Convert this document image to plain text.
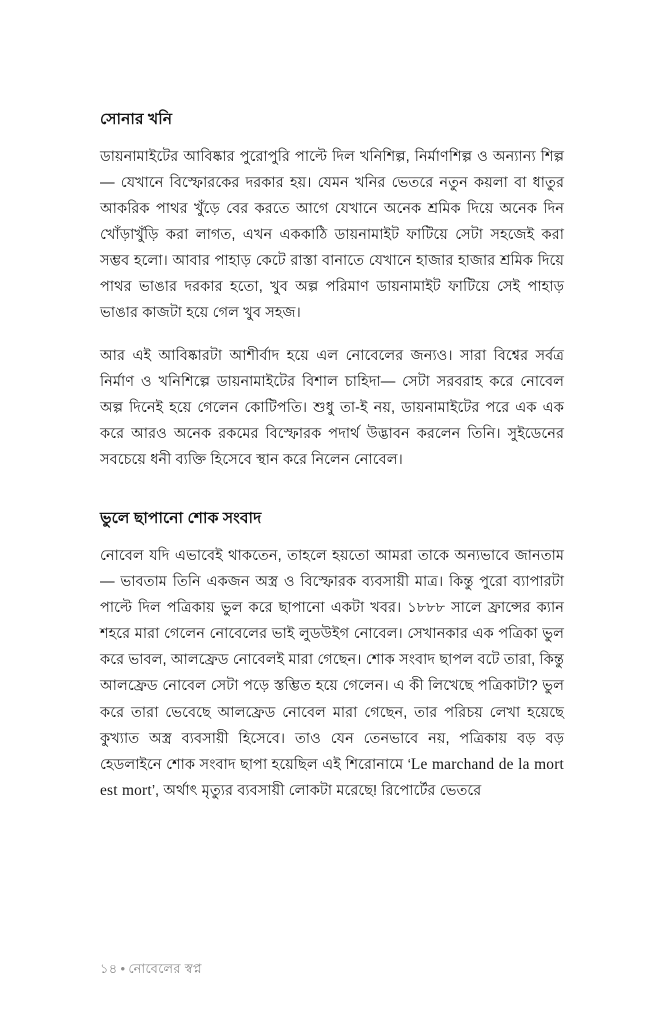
সোনার খনি

ডায়নামাইটের আবিষ্কার পুরোপুরি পাল্টে দিল খনিশিল্প, নির্মাণশিল্প ও অন্যান্য শিল্প— যেখানে বিস্ফোরকের দরকার হয়। যেমন খনির ভেতরে নতুন কয়লা বা ধাতুর আকরিক পাথর খুঁড়ে বের করতে আগে যেখানে অনেক শ্রমিক দিয়ে অনেক দিন খোঁড়াখুঁড়ি করা লাগত, এখন এককাঠি ডায়নামাইট ফাটিয়ে সেটা সহজেই করা সম্ভব হলো। আবার পাহাড় কেটে রাস্তা বানাতে যেখানে হাজার হাজার শ্রমিক দিয়ে পাথর ভাঙার দরকার হতো, খুব অল্প পরিমাণ ডায়নামাইট ফাটিয়ে সেই পাহাড় ভাঙার কাজটা হয়ে গেল খুব সহজ।

আর এই আবিষ্কারটা আশীর্বাদ হয়ে এল নোবেলের জন্যও। সারা বিশ্বের সর্বত্র নির্মাণ ও খনিশিল্পে ডায়নামাইটের বিশাল চাহিদা— সেটা সরবরাহ করে নোবেল অল্প দিনেই হয়ে গেলেন কোটিপতি। শুধু তা-ই নয়, ডায়নামাইটের পরে এক এক করে আরও অনেক রকমের বিস্ফোরক পদার্থ উদ্ভাবন করলেন তিনি। সুইডেনের সবচেয়ে ধনী ব্যক্তি হিসেবে স্থান করে নিলেন নোবেল।

ভুলে ছাপানো শোক সংবাদ

নোবেল যদি এভাবেই থাকতেন, তাহলে হয়তো আমরা তাকে অন্যভাবে জানতাম— ভাবতাম তিনি একজন অস্ত্র ও বিস্ফোরক ব্যবসায়ী মাত্র। কিন্তু পুরো ব্যাপারটা পাল্টে দিল পত্রিকায় ভুল করে ছাপানো একটা খবর। ১৮৮৮ সালে ফ্রান্সের ক্যান শহরে মারা গেলেন নোবেলের ভাই লুডউইগ নোবেল। সেখানকার এক পত্রিকা ভুল করে ভাবল, আলফ্রেড নোবেলই মারা গেছেন। শোক সংবাদ ছাপল বটে তারা, কিন্তু আলফ্রেড নোবেল সেটা পড়ে স্তম্ভিত হয়ে গেলেন। এ কী লিখেছে পত্রিকাটা? ভুল করে তারা ভেবেছে আলফ্রেড নোবেল মারা গেছেন, তার পরিচয় লেখা হয়েছে কুখ্যাত অস্ত্র ব্যবসায়ী হিসেবে। তাও যেন তেনভাবে নয়, পত্রিকায় বড় বড় হেডলাইনে শোক সংবাদ ছাপা হয়েছিল এই শিরোনামে ‘Le marchand de la mort est mort’, অর্থাৎ মৃত্যুর ব্যবসায়ী লোকটা মরেছে! রিপোর্টের ভেতরে

১৪ • নোবেলের স্বপ্ন
